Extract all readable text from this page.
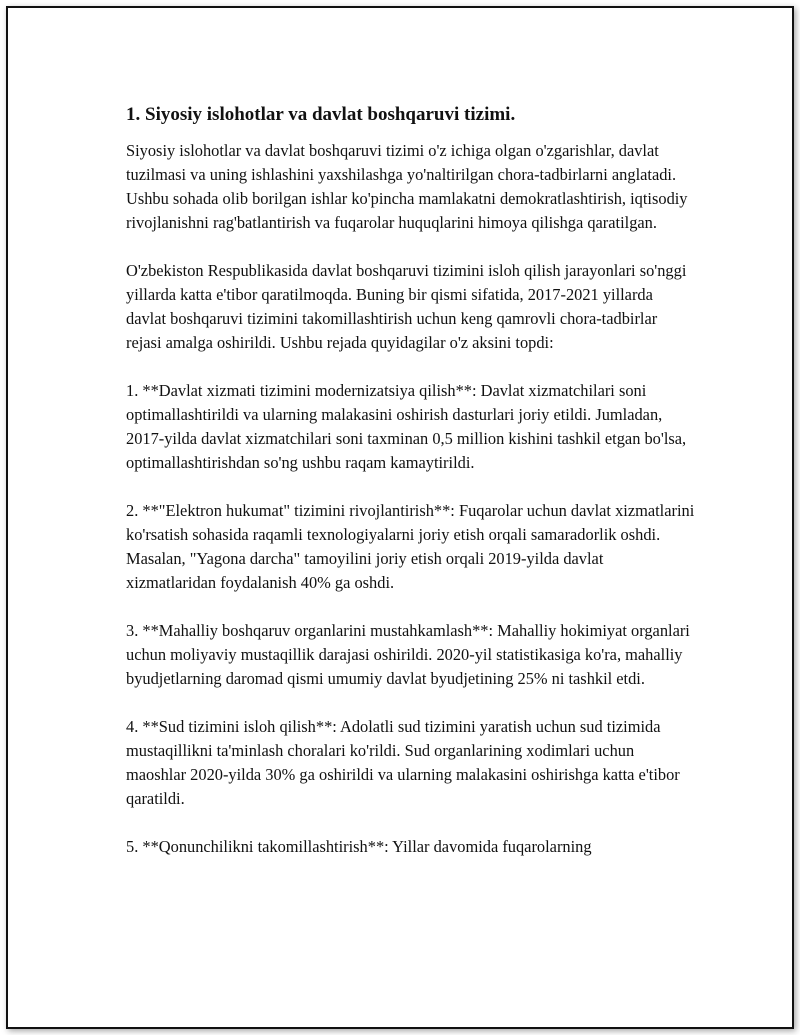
1. Siyosiy islohotlar va davlat boshqaruvi tizimi.

Siyosiy islohotlar va davlat boshqaruvi tizimi o'z ichiga olgan o'zgarishlar, davlat tuzilmasi va uning ishlashini yaxshilashga yo'naltirilgan chora-tadbirlarni anglatadi. Ushbu sohada olib borilgan ishlar ko'pincha mamlakatni demokratlashtirish, iqtisodiy rivojlanishni rag'batlantirish va fuqarolar huquqlarini himoya qilishga qaratilgan.

O'zbekiston Respublikasida davlat boshqaruvi tizimini isloh qilish jarayonlari so'nggi yillarda katta e'tibor qaratilmoqda. Buning bir qismi sifatida, 2017-2021 yillarda davlat boshqaruvi tizimini takomillashtirish uchun keng qamrovli chora-tadbirlar rejasi amalga oshirildi. Ushbu rejada quyidagilar o'z aksini topdi:

1. **Davlat xizmati tizimini modernizatsiya qilish**: Davlat xizmatchilari soni optimallashtirildi va ularning malakasini oshirish dasturlari joriy etildi. Jumladan, 2017-yilda davlat xizmatchilari soni taxminan 0,5 million kishini tashkil etgan bo'lsa, optimallashtirishdan so'ng ushbu raqam kamaytirildi.

2. **"Elektron hukumat" tizimini rivojlantirish**: Fuqarolar uchun davlat xizmatlarini ko'rsatish sohasida raqamli texnologiyalarni joriy etish orqali samaradorlik oshdi. Masalan, "Yagona darcha" tamoyilini joriy etish orqali 2019-yilda davlat xizmatlaridan foydalanish 40% ga oshdi.

3. **Mahalliy boshqaruv organlarini mustahkamlash**: Mahalliy hokimiyat organlari uchun moliyaviy mustaqillik darajasi oshirildi. 2020-yil statistikasiga ko'ra, mahalliy byudjetlarning daromad qismi umumiy davlat byudjetining 25% ni tashkil etdi.

4. **Sud tizimini isloh qilish**: Adolatli sud tizimini yaratish uchun sud tizimida mustaqillikni ta'minlash choralari ko'rildi. Sud organlarining xodimlari uchun maoshlar 2020-yilda 30% ga oshirildi va ularning malakasini oshirishga katta e'tibor qaratildi.

5. **Qonunchilikni takomillashtirish**: Yillar davomida fuqarolarning
